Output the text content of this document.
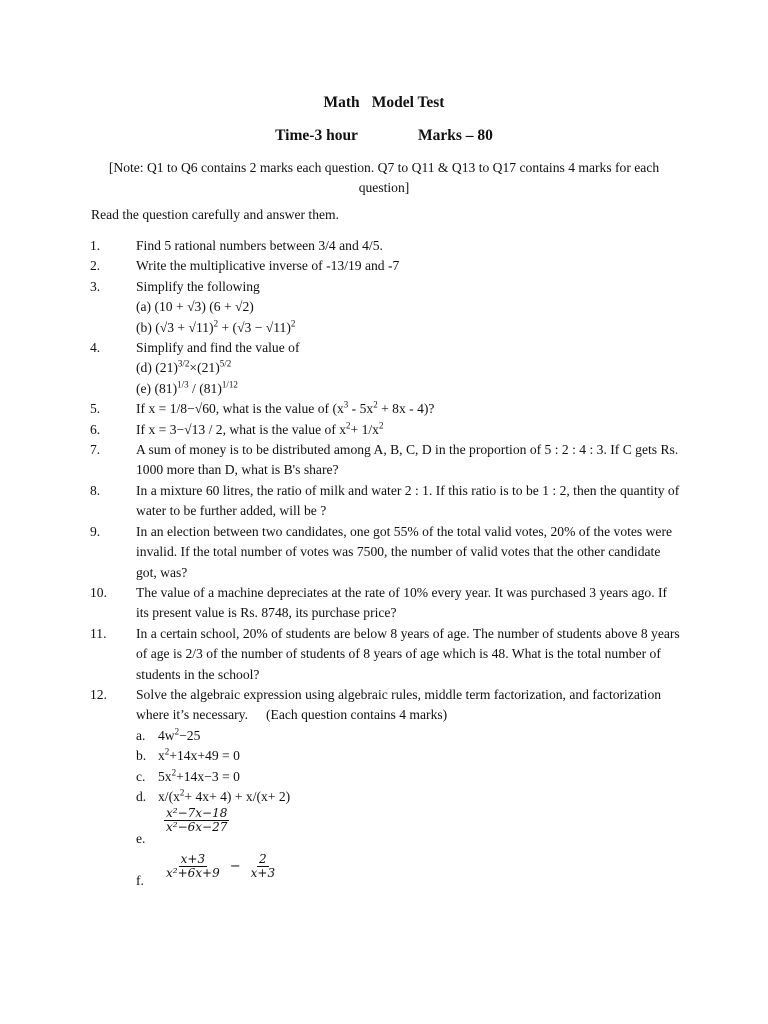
Math Model Test
Time-3 hour	Marks – 80
[Note: Q1 to Q6 contains 2 marks each question. Q7 to Q11 & Q13 to Q17 contains 4 marks for each question]
Read the question carefully and answer them.
1.	Find 5 rational numbers between 3/4 and 4/5.
2.	Write the multiplicative inverse of -13/19 and -7
3.	Simplify the following
(a) (10 + √3) (6 + √2)
(b) $(√3 + √11)^2 + (√3 - √11)^2$
4.	Simplify and find the value of
(d) $(21)^{3/2}\times(21)^{5/2}$
(e) $(81)^{1/3} / (81)^{1/12}$
5.	If x = 1/8−√60, what is the value of $(x^3 - 5x^2 + 8x - 4)$?
6.	If x = 3−√13 / 2, what is the value of $x^2+ 1/x^2$
7.	A sum of money is to be distributed among A, B, C, D in the proportion of 5 : 2 : 4 : 3. If C gets Rs. 1000 more than D, what is B's share?
8.	In a mixture 60 litres, the ratio of milk and water 2 : 1. If this ratio is to be 1 : 2, then the quantity of water to be further added, will be ?
9.	In an election between two candidates, one got 55% of the total valid votes, 20% of the votes were invalid. If the total number of votes was 7500, the number of valid votes that the other candidate got, was?
10.	The value of a machine depreciates at the rate of 10% every year. It was purchased 3 years ago. If its present value is Rs. 8748, its purchase price?
11.	In a certain school, 20% of students are below 8 years of age. The number of students above 8 years of age is 2/3 of the number of students of 8 years of age which is 48. What is the total number of students in the school?
12.	Solve the algebraic expression using algebraic rules, middle term factorization, and factorization where it’s necessary. (Each question contains 4 marks)
a. $4w^2-25$
b. $x^2+14x+49 = 0$
c. $5x^2+14x-3 = 0$
d. $x/(x^2+ 4x+ 4) + x/(x+ 2)$
e.
$\frac{\text{x²−7x−18}}{\text{x²−6x−27}}$
f.
$\frac{x+3}{\text{x²+6x+9}} - \frac{2}{x+3}$
